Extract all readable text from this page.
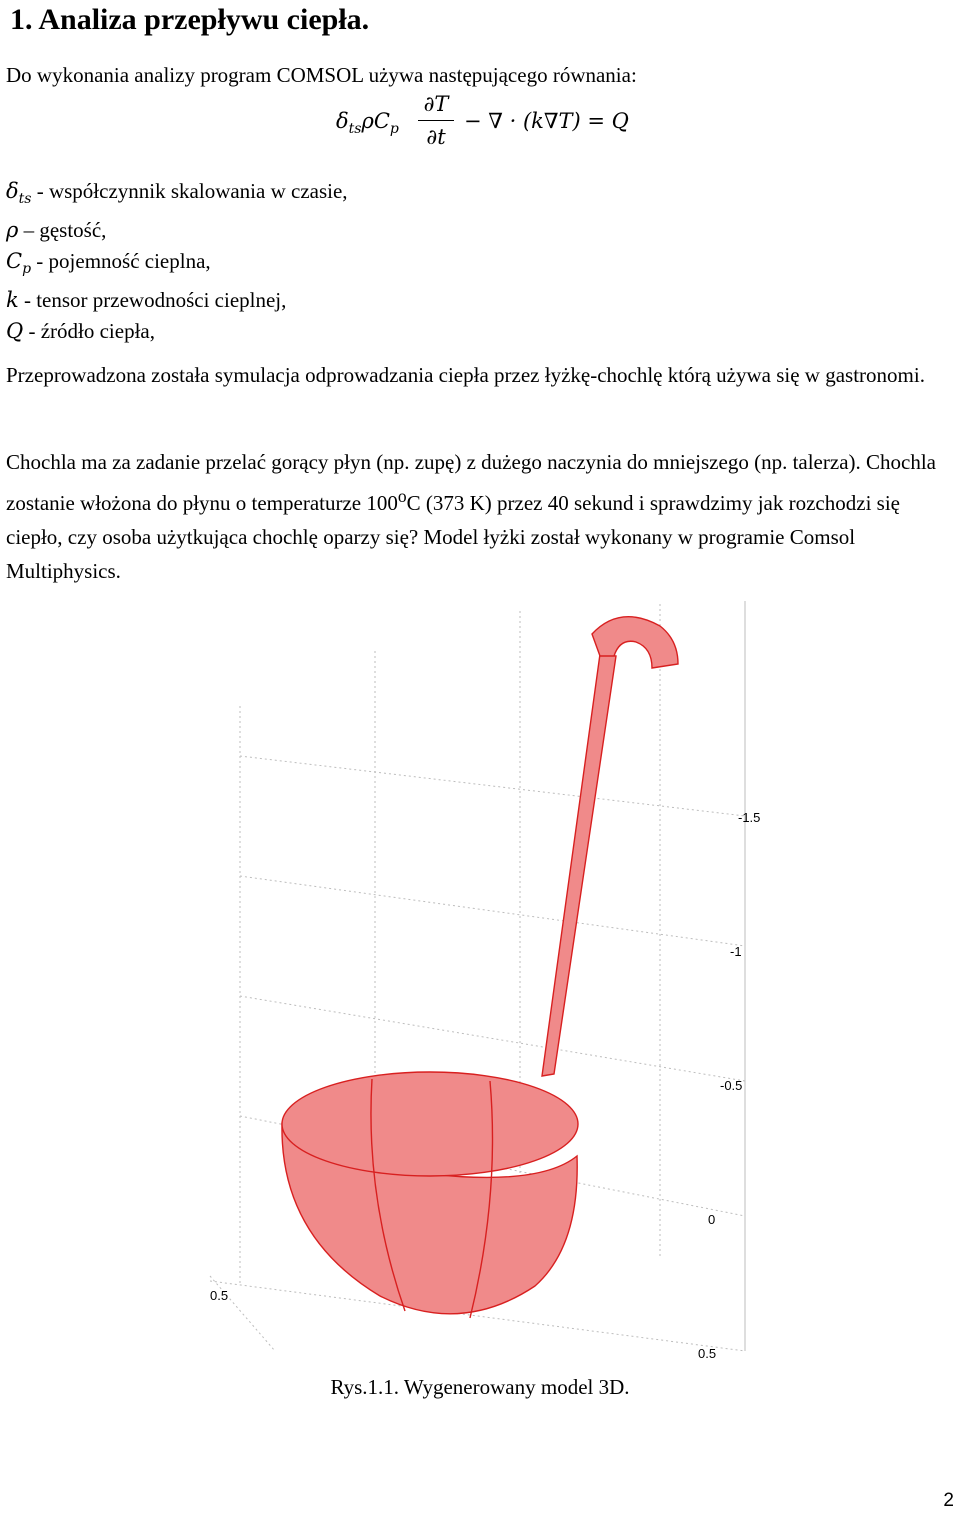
1. Analiza przepływu ciepła.

Do wykonania analizy program COMSOL używa następującego równania:

$\delta_{ts}\rho C_p$
∂T
∂t
− ∇ · (k∇T) = Q
$\delta_{ts}$ - współczynnik skalowania w czasie,
ρ – gęstość,
$C_p$ - pojemność cieplna,
k - tensor przewodności cieplnej,
Q - źródło ciepła,

Przeprowadzona została symulacja odprowadzania ciepła przez łyżkę-chochlę którą używa się w gastronomi.

Chochla ma za zadanie przelać gorący płyn (np. zupę) z dużego naczynia do mniejszego (np. talerza). Chochla zostanie włożona do płynu o temperaturze 100$^o$C (373 K) przez 40 sekund i sprawdzimy jak rozchodzi się ciepło, czy osoba użytkująca chochlę oparzy się? Model łyżki został wykonany w programie Comsol Multiphysics.

-1.5
-1
-0.5
0
0.5
0.5
Rys.1.1. Wygenerowany model 3D.
2
